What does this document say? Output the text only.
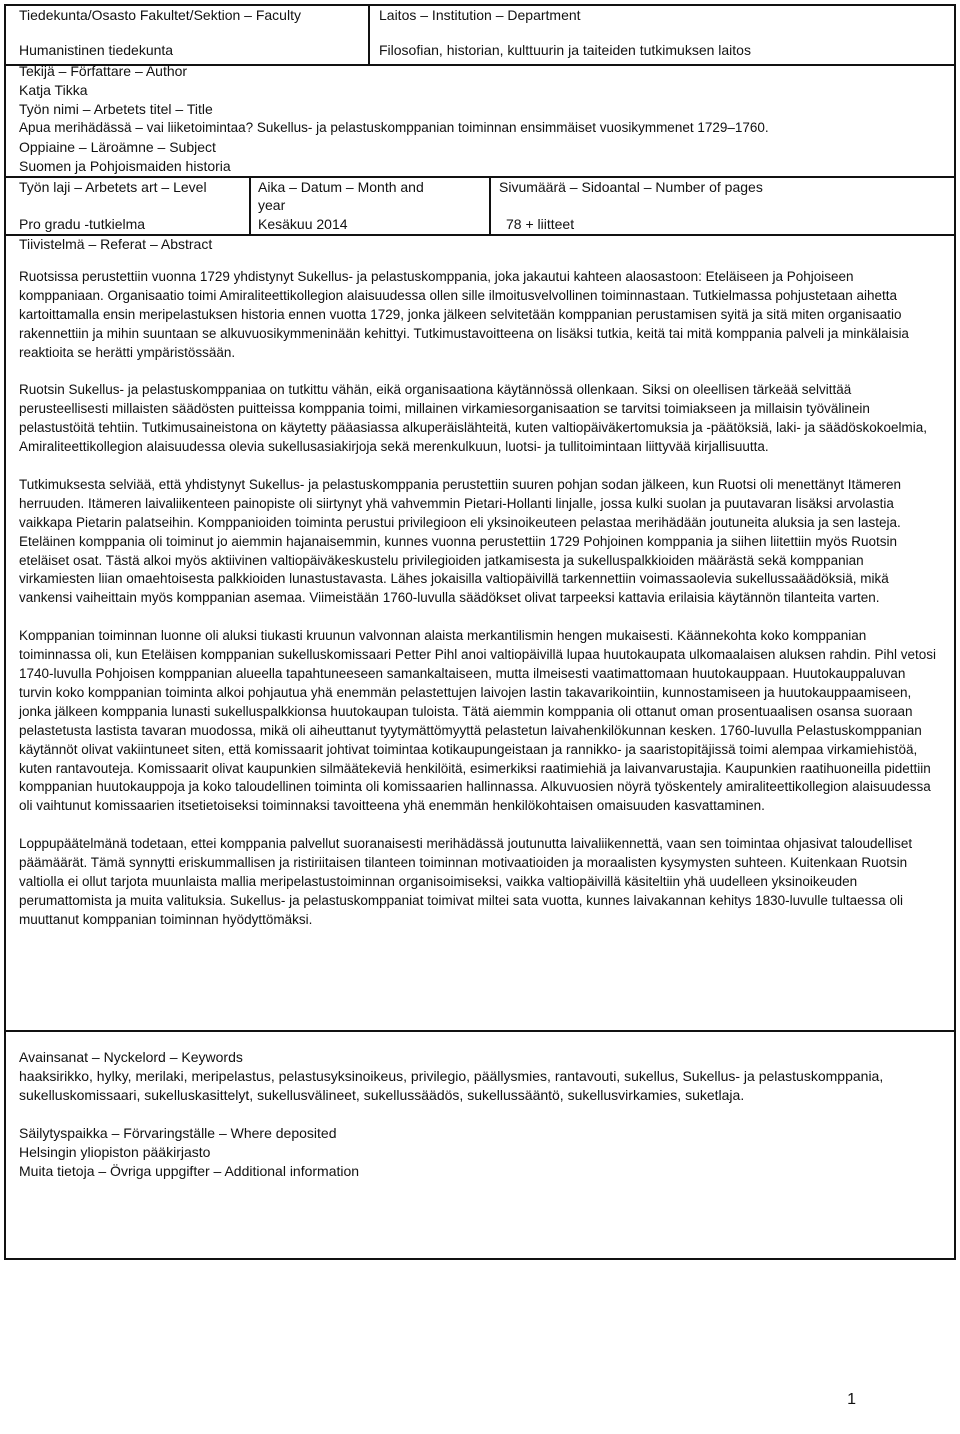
Tiedekunta/Osasto Fakultet/Sektion – Faculty
Humanistinen tiedekunta
Laitos – Institution – Department
Filosofian, historian, kulttuurin ja taiteiden tutkimuksen laitos
Tekijä – Författare – Author
Katja Tikka
Työn nimi – Arbetets titel – Title
Apua merihädässä – vai liiketoimintaa? Sukellus- ja pelastuskomppanian toiminnan ensimmäiset vuosikymmenet 1729–1760.
Oppiaine – Läroämne – Subject
Suomen ja Pohjoismaiden historia
Työn laji – Arbetets art – Level
Pro gradu -tutkielma
Aika – Datum – Month and
year
Kesäkuu 2014
Sivumäärä – Sidoantal – Number of pages
78 + liitteet
Tiivistelmä – Referat – Abstract

Ruotsissa perustettiin vuonna 1729 yhdistynyt Sukellus- ja pelastuskomppania, joka jakautui kahteen alaosastoon: Eteläiseen ja Pohjoiseen komppaniaan. Organisaatio toimi Amiraliteettikollegion alaisuudessa ollen sille ilmoitusvelvollinen toiminnastaan. Tutkielmassa pohjustetaan aihetta kartoittamalla ensin meripelastuksen historia ennen vuotta 1729, jonka jälkeen selvitetään komppanian perustamisen syitä ja sitä miten organisaatio rakennettiin ja mihin suuntaan se alkuvuosikymmeninään kehittyi. Tutkimustavoitteena on lisäksi tutkia, keitä tai mitä komppania palveli ja minkälaisia reaktioita se herätti ympäristössään.

Ruotsin Sukellus- ja pelastuskomppaniaa on tutkittu vähän, eikä organisaationa käytännössä ollenkaan. Siksi on oleellisen tärkeää selvittää perusteellisesti millaisten säädösten puitteissa komppania toimi, millainen virkamiesorganisaation se tarvitsi toimiakseen ja millaisin työvälinein pelastustöitä tehtiin. Tutkimusaineistona on käytetty pääasiassa alkuperäislähteitä, kuten valtiopäiväkertomuksia ja -päätöksiä, laki- ja säädöskokoelmia, Amiraliteettikollegion alaisuudessa olevia sukellusasiakirjoja sekä merenkulkuun, luotsi- ja tullitoimintaan liittyvää kirjallisuutta.

Tutkimuksesta selviää, että yhdistynyt Sukellus- ja pelastuskomppania perustettiin suuren pohjan sodan jälkeen, kun Ruotsi oli menettänyt Itämeren herruuden. Itämeren laivaliikenteen painopiste oli siirtynyt yhä vahvemmin Pietari-Hollanti linjalle, jossa kulki suolan ja puutavaran lisäksi arvolastia vaikkapa Pietarin palatseihin. Komppanioiden toiminta perustui privilegioon eli yksinoikeuteen pelastaa merihädään joutuneita aluksia ja sen lasteja. Eteläinen komppania oli toiminut jo aiemmin hajanaisemmin, kunnes vuonna perustettiin 1729 Pohjoinen komppania ja siihen liitettiin myös Ruotsin eteläiset osat. Tästä alkoi myös aktiivinen valtiopäiväkeskustelu privilegioiden jatkamisesta ja sukelluspalkkioiden määrästä sekä komppanian virkamiesten liian omaehtoisesta palkkioiden lunastustavasta. Lähes jokaisilla valtiopäivillä tarkennettiin voimassaolevia sukellussaäädöksiä, mikä vankensi vaiheittain myös komppanian asemaa. Viimeistään 1760-luvulla säädökset olivat tarpeeksi kattavia erilaisia käytännön tilanteita varten.

Komppanian toiminnan luonne oli aluksi tiukasti kruunun valvonnan alaista merkantilismin hengen mukaisesti. Käännekohta koko komppanian toiminnassa oli, kun Eteläisen komppanian sukelluskomissaari Petter Pihl anoi valtiopäivillä lupaa huutokaupata ulkomaalaisen aluksen rahdin. Pihl vetosi 1740-luvulla Pohjoisen komppanian alueella tapahtuneeseen samankaltaiseen, mutta ilmeisesti vaatimattomaan huutokauppaan. Huutokauppaluvan turvin koko komppanian toiminta alkoi pohjautua yhä enemmän pelastettujen laivojen lastin takavarikointiin, kunnostamiseen ja huutokauppaamiseen, jonka jälkeen komppania lunasti sukelluspalkkionsa huutokaupan tuloista. Tätä aiemmin komppania oli ottanut oman prosentuaalisen osansa suoraan pelastetusta lastista tavaran muodossa, mikä oli aiheuttanut tyytymättömyyttä pelastetun laivahenkilökunnan kesken. 1760-luvulla Pelastuskomppanian käytännöt olivat vakiintuneet siten, että komissaarit johtivat toimintaa kotikaupungeistaan ja rannikko- ja saaristopitäjissä toimi alempaa virkamiehistöä, kuten rantavouteja. Komissaarit olivat kaupunkien silmäätekeviä henkilöitä, esimerkiksi raatimiehiä ja laivanvarustajia. Kaupunkien raatihuoneilla pidettiin komppanian huutokauppoja ja koko taloudellinen toiminta oli komissaarien hallinnassa. Alkuvuosien nöyrä työskentely amiraliteettikollegion alaisuudessa oli vaihtunut komissaarien itsetietoiseksi toiminnaksi tavoitteena yhä enemmän henkilökohtaisen omaisuuden kasvattaminen.

Loppupäätelmänä todetaan, ettei komppania palvellut suoranaisesti merihädässä joutunutta laivaliikennettä, vaan sen toimintaa ohjasivat taloudelliset päämäärät. Tämä synnytti eriskummallisen ja ristiriitaisen tilanteen toiminnan motivaatioiden ja moraalisten kysymysten suhteen. Kuitenkaan Ruotsin valtiolla ei ollut tarjota muunlaista mallia meripelastustoiminnan organisoimiseksi, vaikka valtiopäivillä käsiteltiin yhä uudelleen yksinoikeuden perumattomista ja muita valituksia. Sukellus- ja pelastuskomppaniat toimivat miltei sata vuotta, kunnes laivakannan kehitys 1830-luvulle tultaessa oli muuttanut komppanian toiminnan hyödyttömäksi.

Avainsanat – Nyckelord – Keywords
haaksirikko, hylky, merilaki, meripelastus, pelastusyksinoikeus, privilegio, päällysmies, rantavouti, sukellus, Sukellus- ja pelastuskomppania, sukelluskomissaari, sukelluskasittelyt, sukellusvälineet, sukellussäädös, sukellussääntö, sukellusvirkamies, suketlaja.
Säilytyspaikka – Förvaringställe – Where deposited
Helsingin yliopiston pääkirjasto
Muita tietoja – Övriga uppgifter – Additional information
1
